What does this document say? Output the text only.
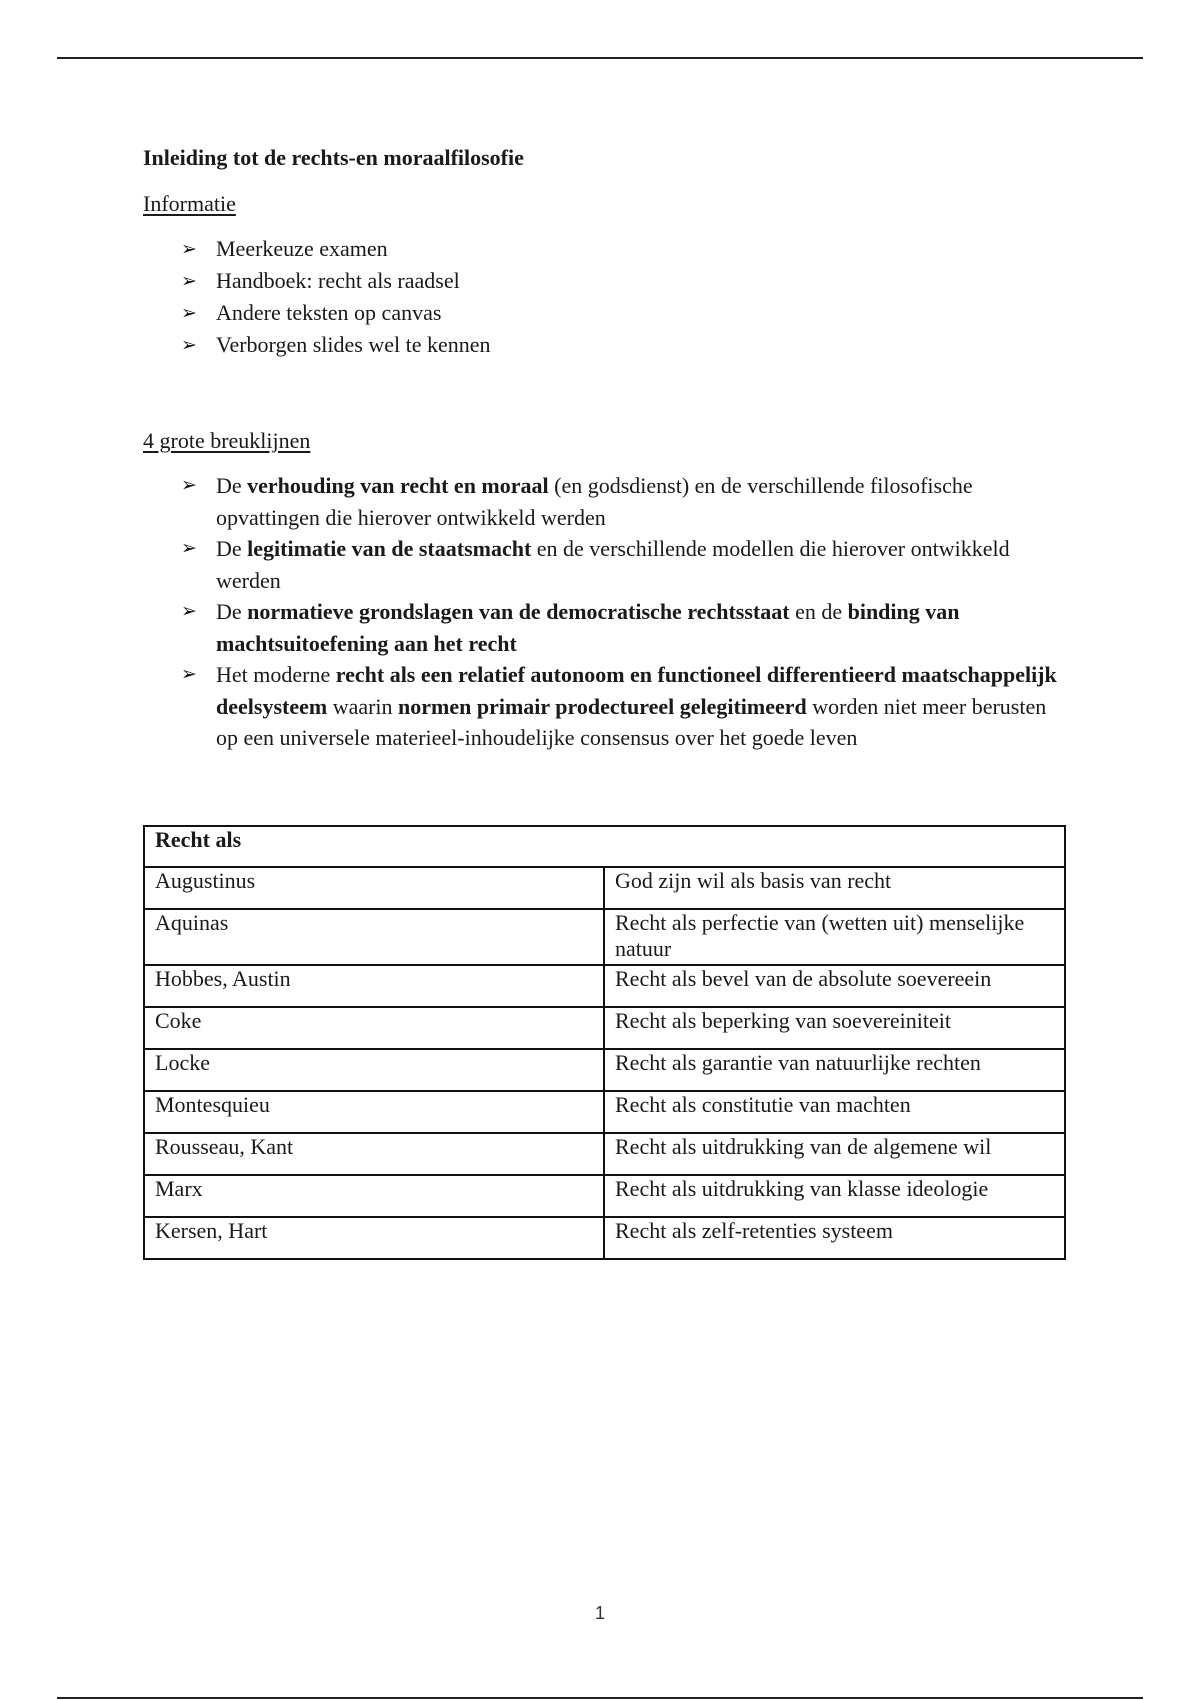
Inleiding tot de rechts-en moraalfilosofie
Informatie
➢ Meerkeuze examen
➢ Handboek: recht als raadsel
➢ Andere teksten op canvas
➢ Verborgen slides wel te kennen
4 grote breuklijnen
➢ De verhouding van recht en moraal (en godsdienst) en de verschillende filosofische opvattingen die hierover ontwikkeld werden
➢ De legitimatie van de staatsmacht en de verschillende modellen die hierover ontwikkeld werden
➢ De normatieve grondslagen van de democratische rechtsstaat en de binding van machtsuitoefening aan het recht
➢ Het moderne recht als een relatief autonoom en functioneel differentieerd maatschappelijk deelsysteem waarin normen primair prodectureel gelegitimeerd worden niet meer berusten op een universele materieel-inhoudelijke consensus over het goede leven
Recht als	
Augustinus	God zijn wil als basis van recht
Aquinas	Recht als perfectie van (wetten uit) menselijke natuur
Hobbes, Austin	Recht als bevel van de absolute soevereein
Coke	Recht als beperking van soevereiniteit
Locke	Recht als garantie van natuurlijke rechten
Montesquieu	Recht als constitutie van machten
Rousseau, Kant	Recht als uitdrukking van de algemene wil
Marx	Recht als uitdrukking van klasse ideologie
Kersen, Hart	Recht als zelf-retenties systeem
1
